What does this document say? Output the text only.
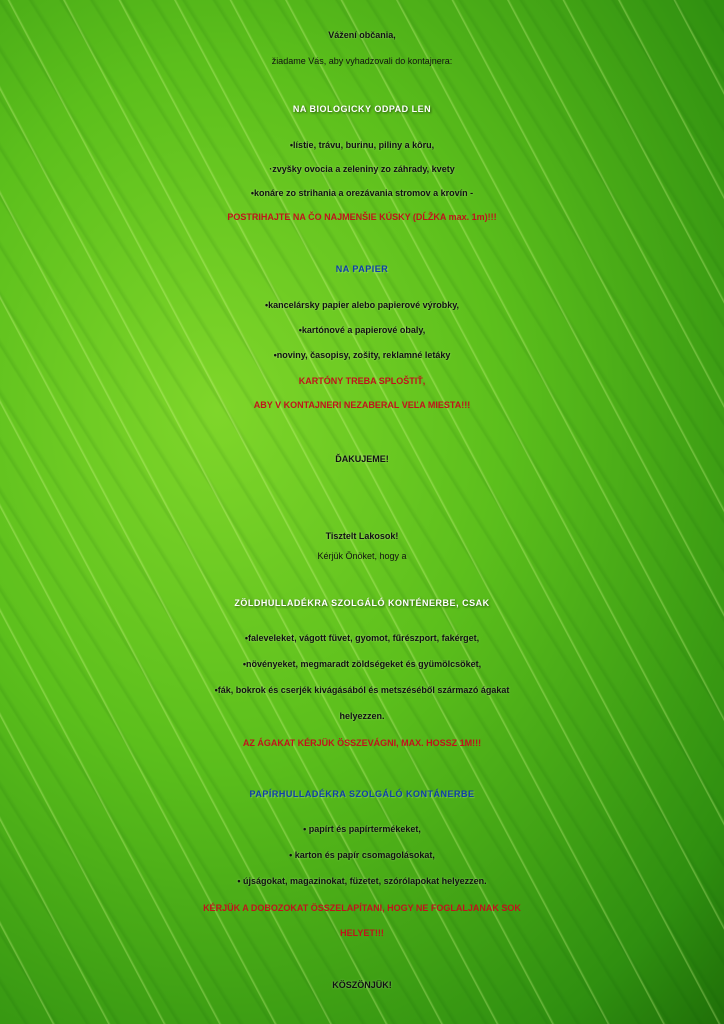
Vážení občania,
žiadame Vás, aby vyhadzovali do kontajnera:
NA BIOLOGICKY ODPAD LEN
•lístie, trávu, burinu, piliny a kôru,
·zvyšky ovocia a zeleniny zo záhrady, kvety
•konáre zo strihania a orezávania stromov a krovín -
POSTRIHAJTE NA ČO NAJMENŠIE KÚSKY (DĹŽKA max. 1m)!!!
NA PAPIER
•kancelársky papier alebo papierové výrobky,
•kartónové a papierové obaly,
•noviny, časopisy, zošity, reklamné letáky
KARTÓNY TREBA SPLOŠTIŤ,
ABY V KONTAJNERI NEZABERAL VEĽA MIESTA!!!
ĎAKUJEME!
Tisztelt Lakosok!
Kérjük Önöket, hogy a
ZÖLDHULLADÉKRA SZOLGÁLÓ KONTÉNERBE, CSAK
•faleveleket, vágott füvet, gyomot, fűrészport, fakérget,
•növényeket, megmaradt zöldségeket és gyümölcsöket,
•fák, bokrok és cserjék kivágásából és metszéséből származó ágakat
helyezzen.
AZ ÁGAKAT KÉRJÜK ÖSSZEVÁGNI, MAX. HOSSZ 1M!!!
PAPÍRHULLADÉKRA SZOLGÁLÓ KONTÁNERBE
• papírt és papírtermékeket,
• karton és papír csomagolásokat,
• újságokat, magazinokat, füzetet, szórólapokat helyezzen.
KÉRJÜK A DOBOZOKAT ÖSSZELAPÍTANI, HOGY NE FOGLALJANAK SOK
HELYET!!!
KÖSZÖNJÜK!
